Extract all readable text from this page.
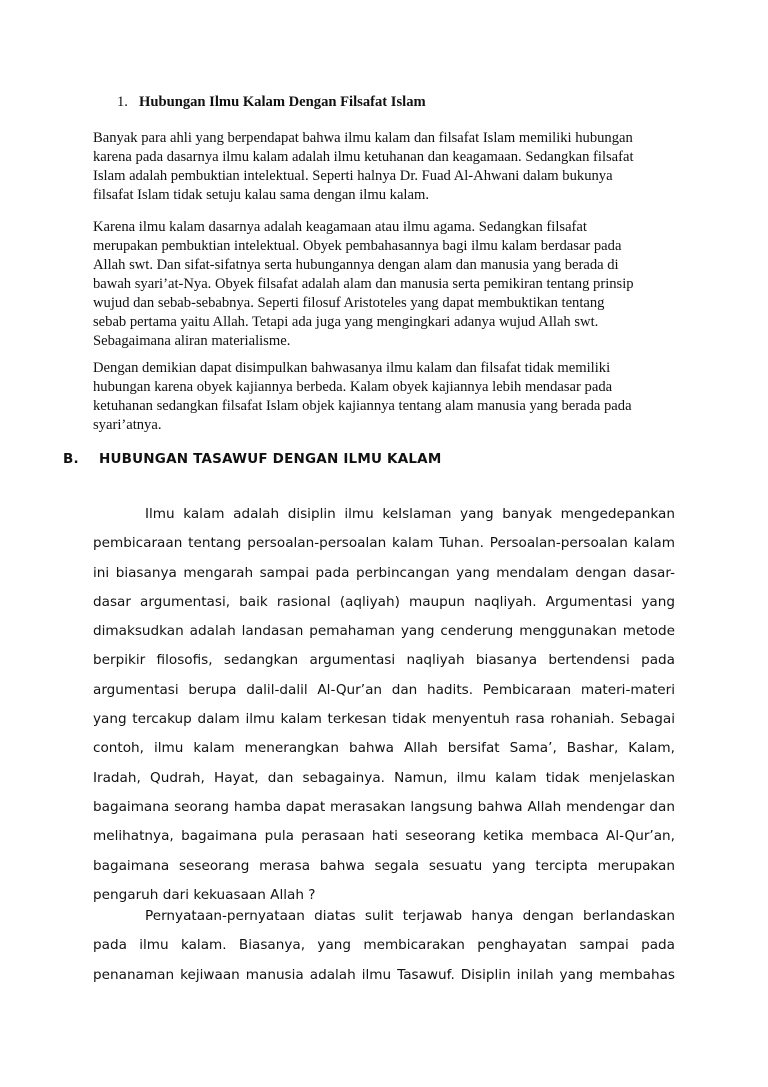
1. Hubungan Ilmu Kalam Dengan Filsafat Islam
Banyak para ahli yang berpendapat bahwa ilmu kalam dan filsafat Islam memiliki hubungan
karena pada dasarnya ilmu kalam adalah ilmu ketuhanan dan keagamaan. Sedangkan filsafat
Islam adalah pembuktian intelektual. Seperti halnya Dr. Fuad Al-Ahwani dalam bukunya
filsafat Islam tidak setuju kalau sama dengan ilmu kalam.
Karena ilmu kalam dasarnya adalah keagamaan atau ilmu agama. Sedangkan filsafat
merupakan pembuktian intelektual. Obyek pembahasannya bagi ilmu kalam berdasar pada
Allah swt. Dan sifat-sifatnya serta hubungannya dengan alam dan manusia yang berada di
bawah syari’at-Nya. Obyek filsafat adalah alam dan manusia serta pemikiran tentang prinsip
wujud dan sebab-sebabnya. Seperti filosuf Aristoteles yang dapat membuktikan tentang
sebab pertama yaitu Allah. Tetapi ada juga yang mengingkari adanya wujud Allah swt.
Sebagaimana aliran materialisme.
Dengan demikian dapat disimpulkan bahwasanya ilmu kalam dan filsafat tidak memiliki
hubungan karena obyek kajiannya berbeda. Kalam obyek kajiannya lebih mendasar pada
ketuhanan sedangkan filsafat Islam objek kajiannya tentang alam manusia yang berada pada
syari’atnya.
B. HUBUNGAN TASAWUF DENGAN ILMU KALAM
Ilmu kalam adalah disiplin ilmu keIslaman yang banyak mengedepankan
pembicaraan tentang persoalan-persoalan kalam Tuhan. Persoalan-persoalan kalam
ini biasanya mengarah sampai pada perbincangan yang mendalam dengan dasar-
dasar argumentasi, baik rasional (aqliyah) maupun naqliyah. Argumentasi yang
dimaksudkan adalah landasan pemahaman yang cenderung menggunakan metode
berpikir filosofis, sedangkan argumentasi naqliyah biasanya bertendensi pada
argumentasi berupa dalil-dalil Al-Qur’an dan hadits. Pembicaraan materi-materi
yang tercakup dalam ilmu kalam terkesan tidak menyentuh rasa rohaniah. Sebagai
contoh, ilmu kalam menerangkan bahwa Allah bersifat Sama’, Bashar, Kalam,
Iradah, Qudrah, Hayat, dan sebagainya. Namun, ilmu kalam tidak menjelaskan
bagaimana seorang hamba dapat merasakan langsung bahwa Allah mendengar dan
melihatnya, bagaimana pula perasaan hati seseorang ketika membaca Al-Qur’an,
bagaimana seseorang merasa bahwa segala sesuatu yang tercipta merupakan
pengaruh dari kekuasaan Allah ?
Pernyataan-pernyataan diatas sulit terjawab hanya dengan berlandaskan
pada ilmu kalam. Biasanya, yang membicarakan penghayatan sampai pada
penanaman kejiwaan manusia adalah ilmu Tasawuf. Disiplin inilah yang membahas
